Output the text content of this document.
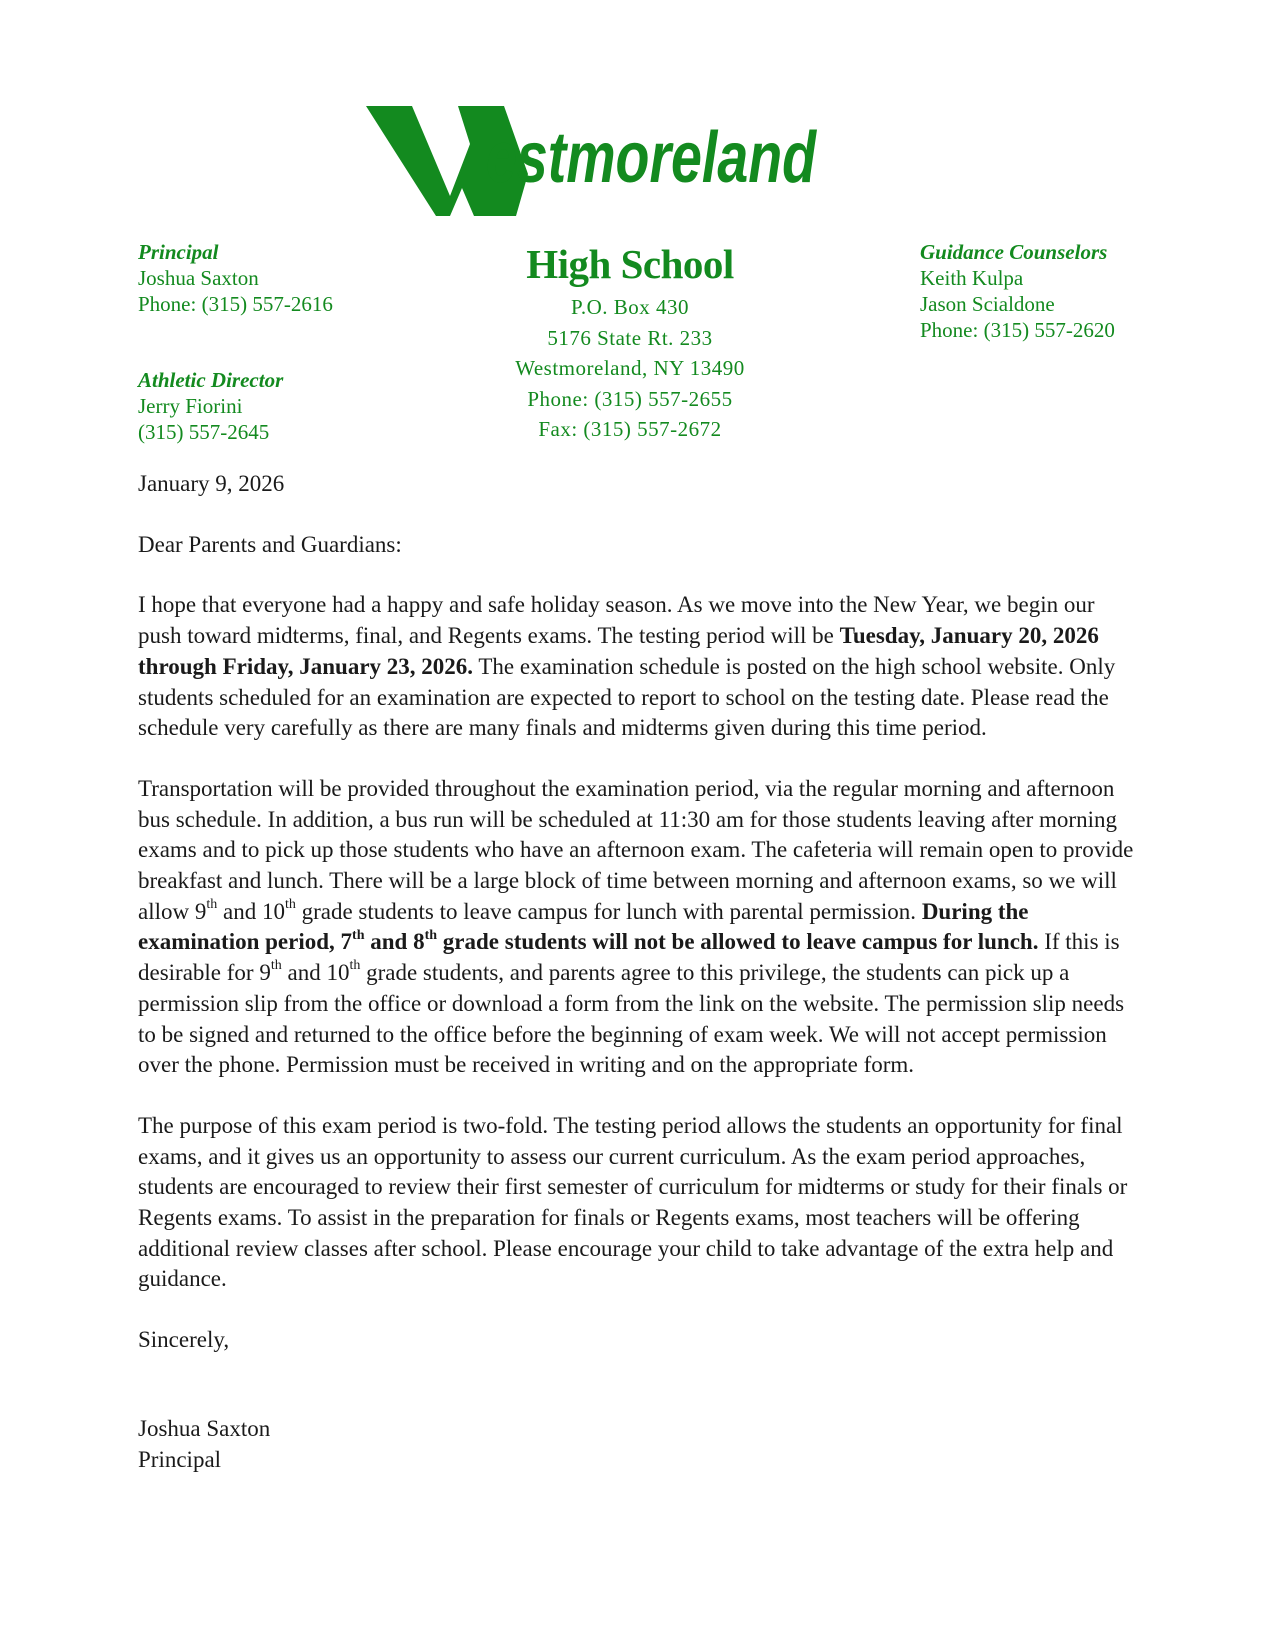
estmoreland
Principal
Joshua Saxton
Phone: (315) 557-2616
Athletic Director
Jerry Fiorini
(315) 557-2645
High School
P.O. Box 430
5176 State Rt. 233
Westmoreland, NY 13490
Phone: (315) 557-2655
Fax: (315) 557-2672
Guidance Counselors
Keith Kulpa
Jason Scialdone
Phone: (315) 557-2620

January 9, 2026

Dear Parents and Guardians:

I hope that everyone had a happy and safe holiday season. As we move into the New Year, we begin our push toward midterms, final, and Regents exams. The testing period will be Tuesday, January 20, 2026 through Friday, January 23, 2026. The examination schedule is posted on the high school website. Only students scheduled for an examination are expected to report to school on the testing date. Please read the schedule very carefully as there are many finals and midterms given during this time period.

Transportation will be provided throughout the examination period, via the regular morning and afternoon bus schedule. In addition, a bus run will be scheduled at 11:30 am for those students leaving after morning exams and to pick up those students who have an afternoon exam. The cafeteria will remain open to provide breakfast and lunch. There will be a large block of time between morning and afternoon exams, so we will allow 9th and 10th grade students to leave campus for lunch with parental permission. During the examination period, 7th and 8th grade students will not be allowed to leave campus for lunch. If this is desirable for 9th and 10th grade students, and parents agree to this privilege, the students can pick up a permission slip from the office or download a form from the link on the website. The permission slip needs to be signed and returned to the office before the beginning of exam week. We will not accept permission over the phone. Permission must be received in writing and on the appropriate form.

The purpose of this exam period is two-fold. The testing period allows the students an opportunity for final exams, and it gives us an opportunity to assess our current curriculum. As the exam period approaches, students are encouraged to review their first semester of curriculum for midterms or study for their finals or Regents exams. To assist in the preparation for finals or Regents exams, most teachers will be offering additional review classes after school. Please encourage your child to take advantage of the extra help and guidance.

Sincerely,

Joshua Saxton
Principal
